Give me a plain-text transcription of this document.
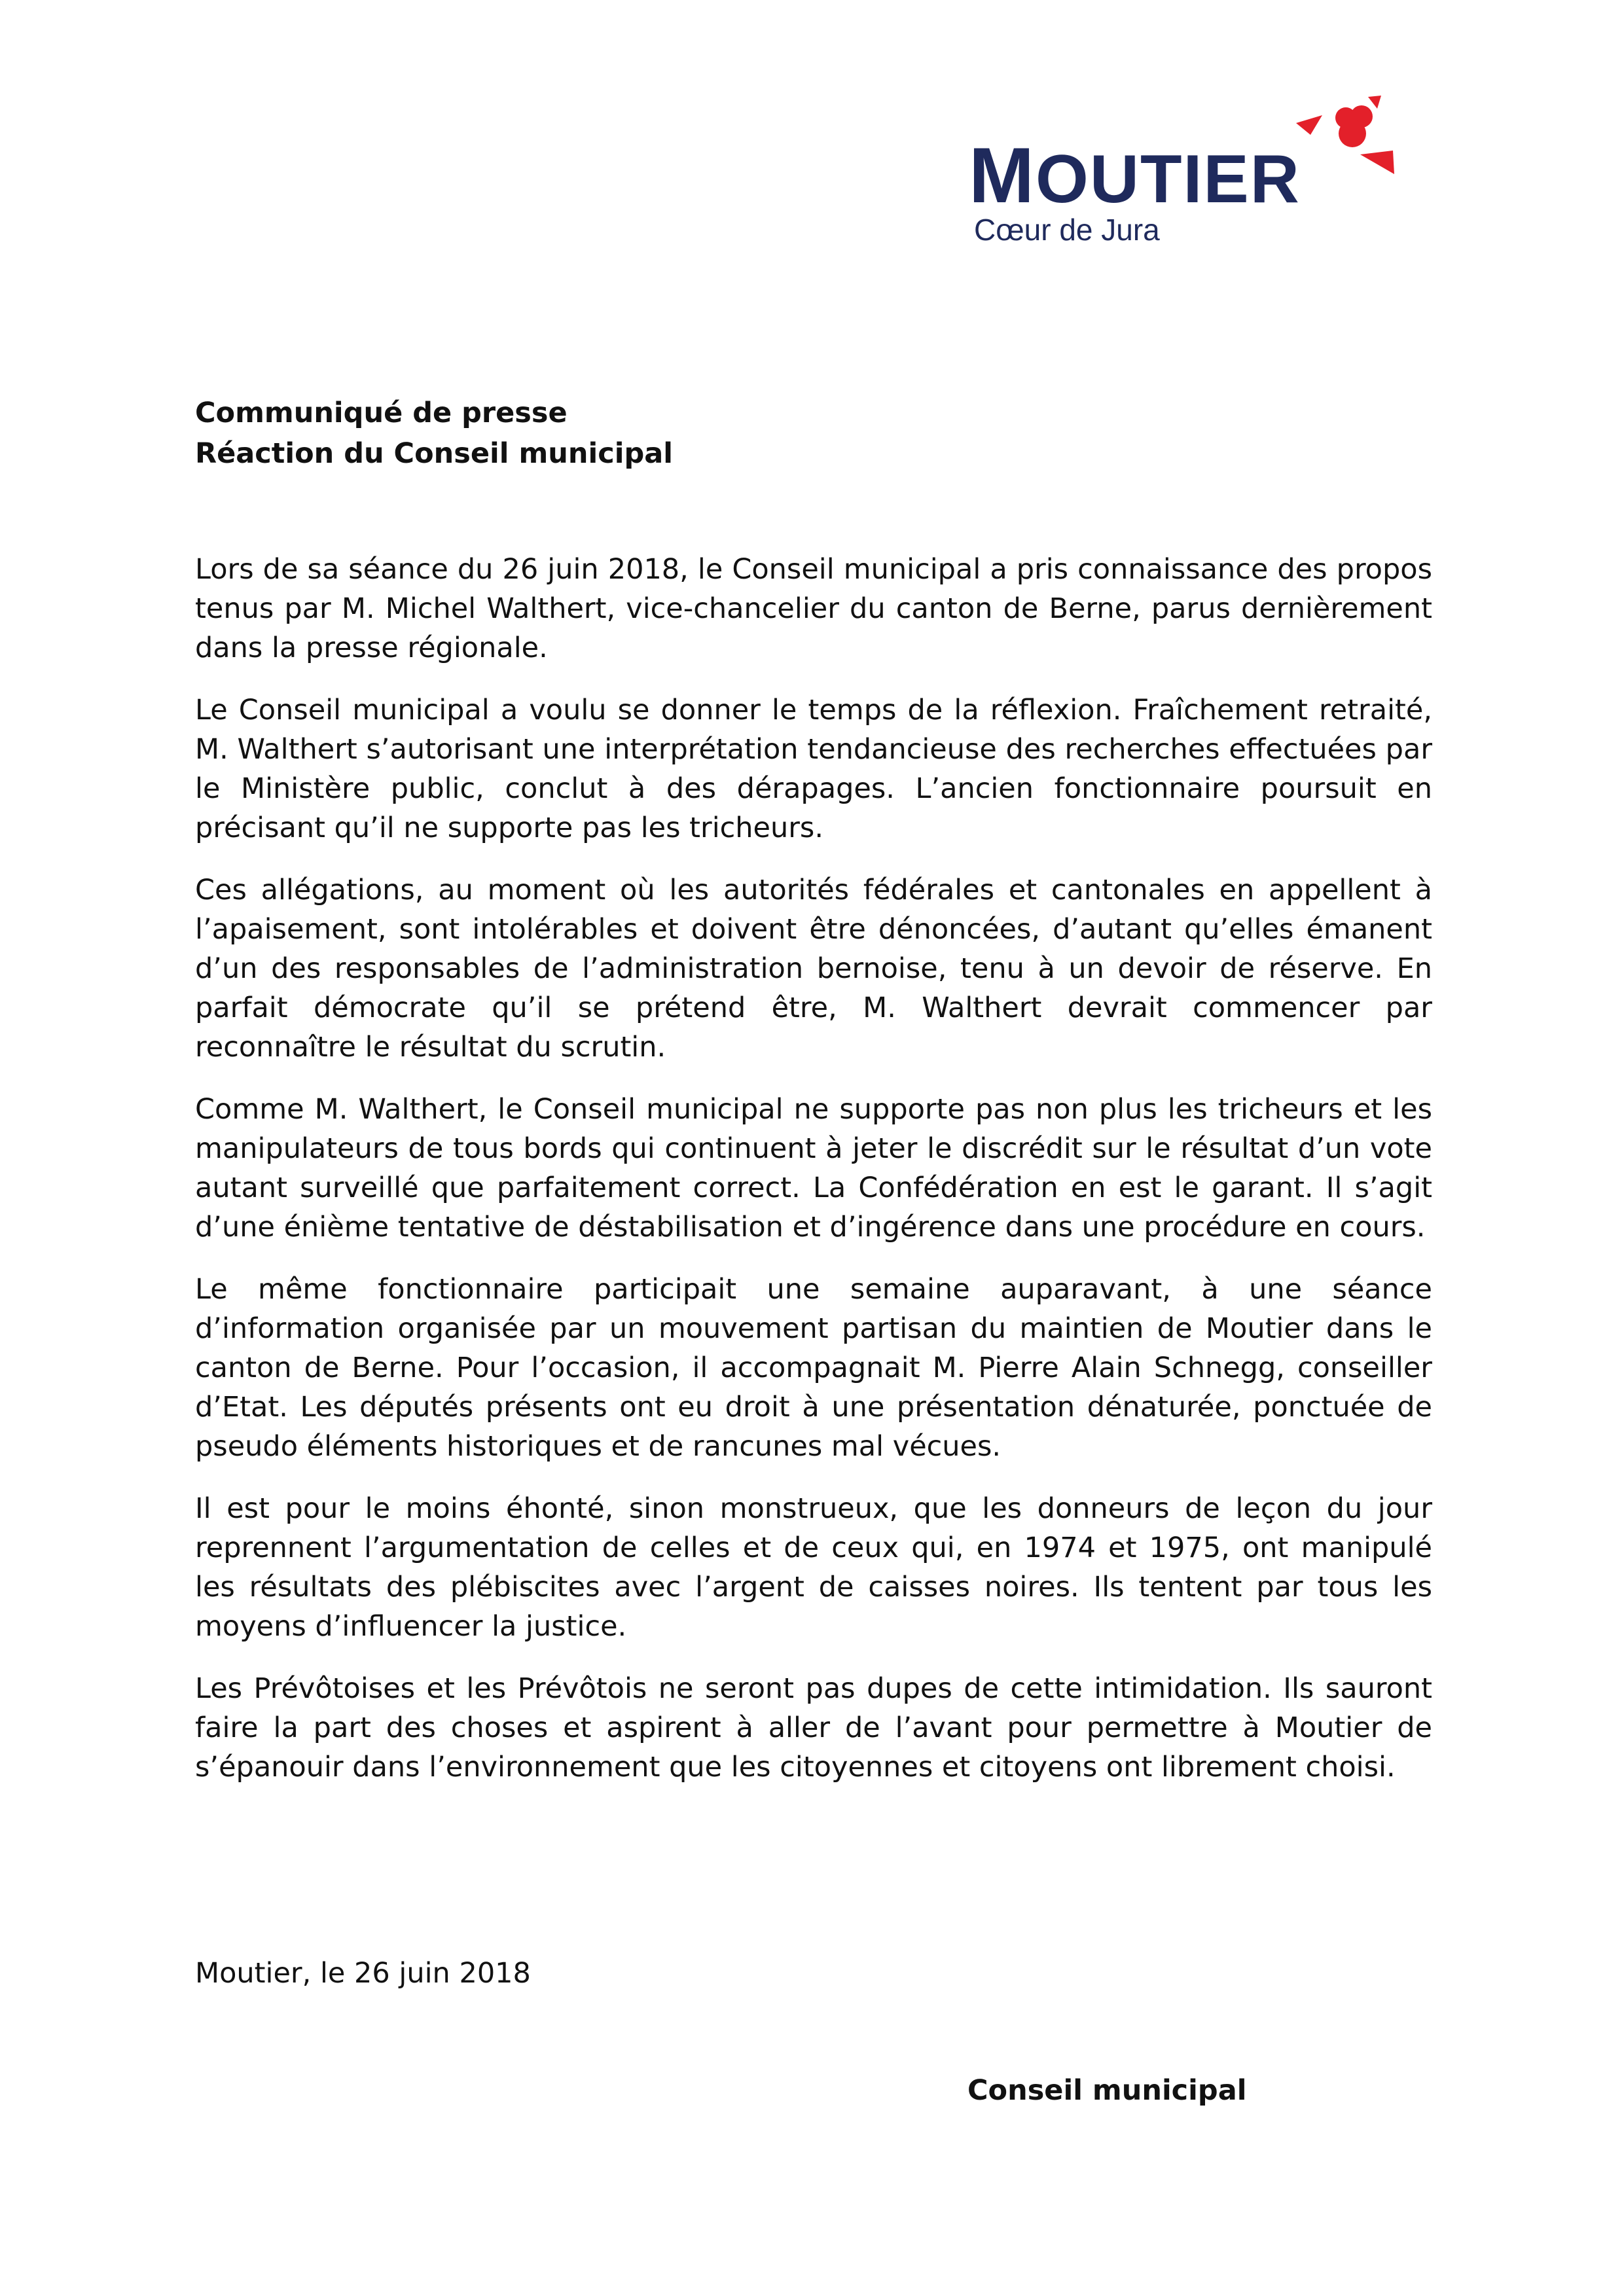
MOUTIER
Cœur de Jura
Communiqué de presse
Réaction du Conseil municipal

Lors de sa séance du 26 juin 2018, le Conseil municipal a pris connaissance des propos tenus par M. Michel Walthert, vice-chancelier du canton de Berne, parus dernièrement dans la presse régionale.

Le Conseil municipal a voulu se donner le temps de la réflexion. Fraîchement retraité, M. Walthert s’autorisant une interprétation tendancieuse des recherches effectuées par le Ministère public, conclut à des dérapages. L’ancien fonctionnaire poursuit en précisant qu’il ne supporte pas les tricheurs.

Ces allégations, au moment où les autorités fédérales et cantonales en appellent à l’apaisement, sont intolérables et doivent être dénoncées, d’autant qu’elles émanent d’un des responsables de l’administration bernoise, tenu à un devoir de réserve. En parfait démocrate qu’il se prétend être, M. Walthert devrait commencer par reconnaître le résultat du scrutin.

Comme M. Walthert, le Conseil municipal ne supporte pas non plus les tricheurs et les manipulateurs de tous bords qui continuent à jeter le discrédit sur le résultat d’un vote autant surveillé que parfaitement correct. La Confédération en est le garant. Il s’agit d’une énième tentative de déstabilisation et d’ingérence dans une procédure en cours.

Le même fonctionnaire participait une semaine auparavant, à une séance d’information organisée par un mouvement partisan du maintien de Moutier dans le canton de Berne. Pour l’occasion, il accompagnait M. Pierre Alain Schnegg, conseiller d’Etat. Les députés présents ont eu droit à une présentation dénaturée, ponctuée de pseudo éléments historiques et de rancunes mal vécues.

Il est pour le moins éhonté, sinon monstrueux, que les donneurs de leçon du jour reprennent l’argumentation de celles et de ceux qui, en 1974 et 1975, ont manipulé les résultats des plébiscites avec l’argent de caisses noires. Ils tentent par tous les moyens d’influencer la justice.

Les Prévôtoises et les Prévôtois ne seront pas dupes de cette intimidation. Ils sauront faire la part des choses et aspirent à aller de l’avant pour permettre à Moutier de s’épanouir dans l’environnement que les citoyennes et citoyens ont librement choisi.

Moutier, le 26 juin 2018
Conseil municipal
